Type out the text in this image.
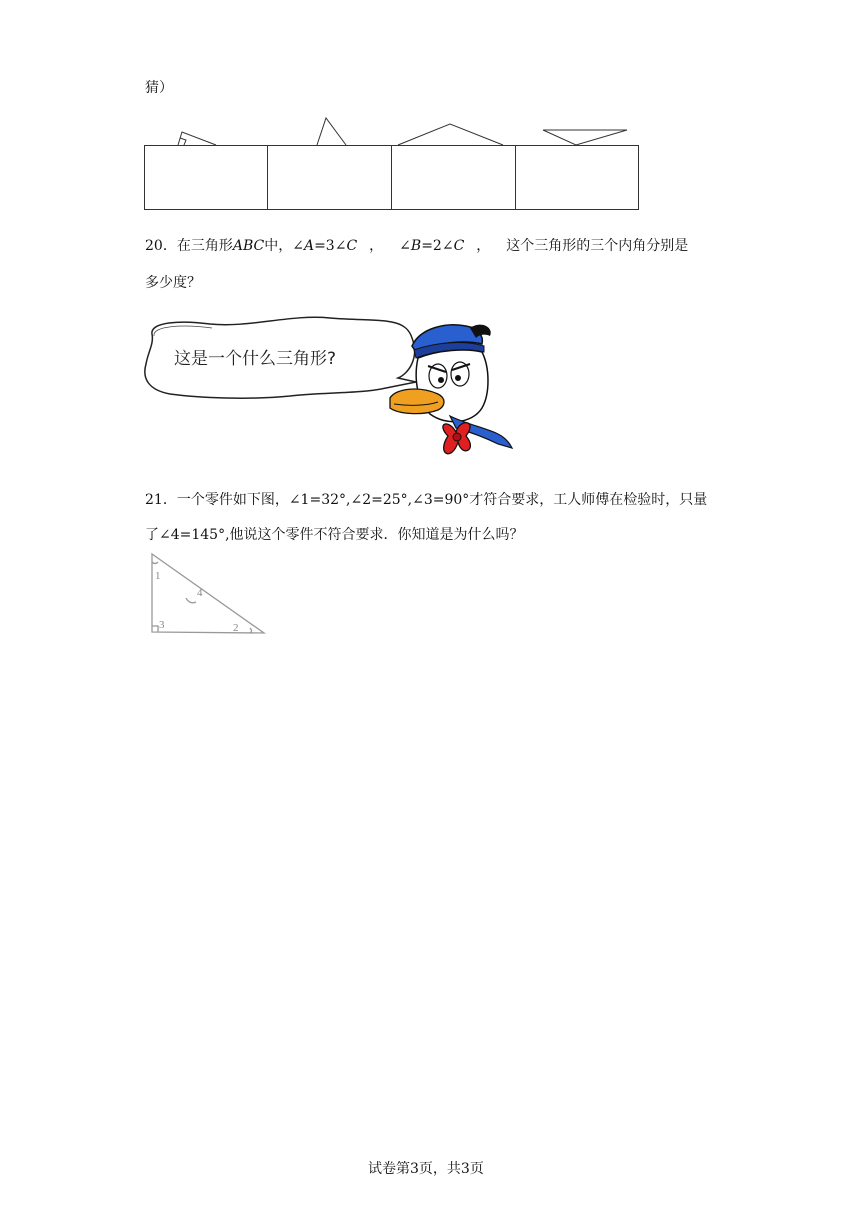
猜）
20．在三角形ABC中，∠A=3∠C ， ∠B=2∠C ， 这个三角形的三个内角分别是
多少度？
这是一个什么三角形?
21．一个零件如下图，∠1=32°,∠2=25°,∠3=90°才符合要求，工人师傅在检验时，只量
了∠4=145°,他说这个零件不符合要求．你知道是为什么吗？
1
4
3	2
试卷第3页，共3页
